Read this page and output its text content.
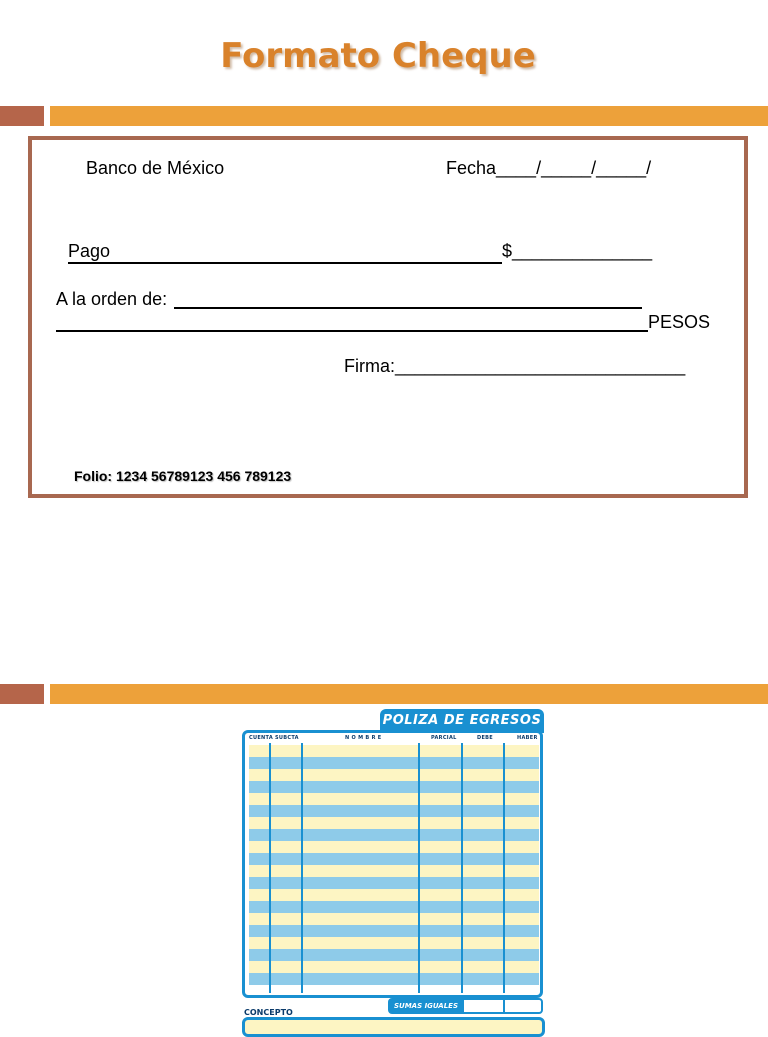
Formato Cheque
Banco de México	Fecha____/_____/_____/
Pago	$______________
A la orden de:
PESOS
Firma:_____________________________
Folio: 1234 56789123 456 789123
POLIZA DE EGRESOS
CUENTA SUBCTA	N O M B R E	PARCIAL	DEBE	HABER
CONCEPTO
SUMAS IGUALES
